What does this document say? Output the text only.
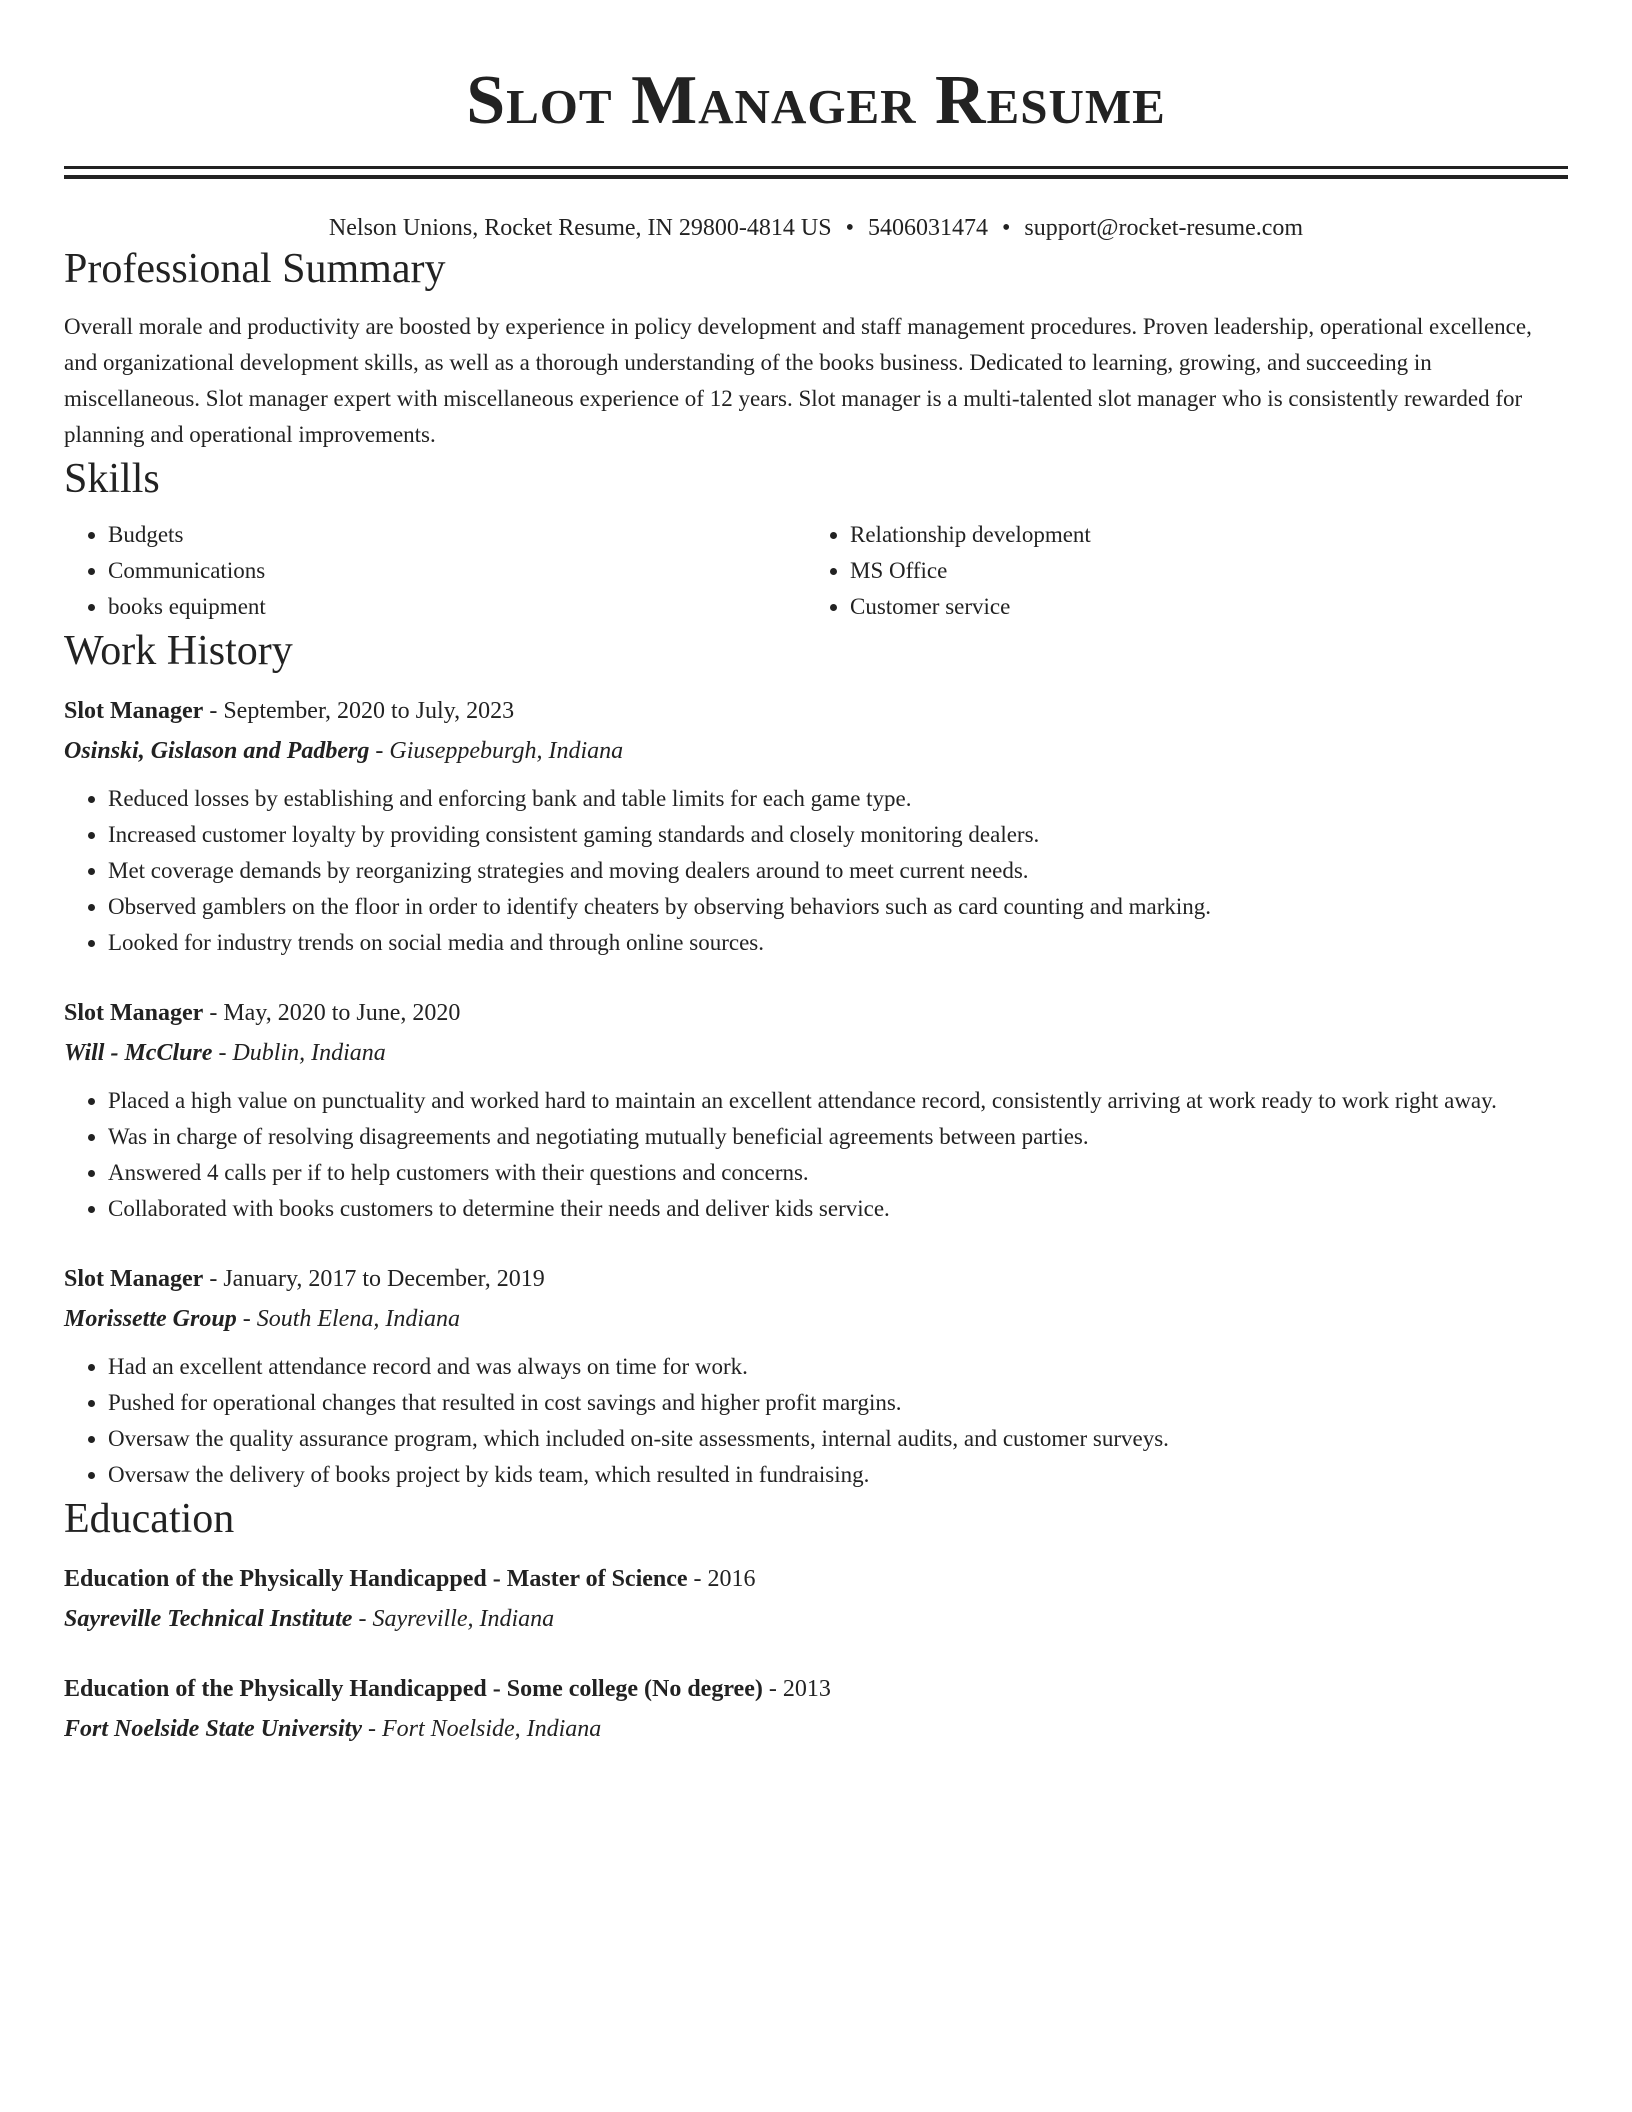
Slot Manager Resume
Nelson Unions, Rocket Resume, IN 29800-4814 US • 5406031474 • support@rocket-resume.com
Professional Summary
Overall morale and productivity are boosted by experience in policy development and staff management procedures. Proven leadership, operational excellence, and organizational development skills, as well as a thorough understanding of the books business. Dedicated to learning, growing, and succeeding in miscellaneous. Slot manager expert with miscellaneous experience of 12 years. Slot manager is a multi-talented slot manager who is consistently rewarded for planning and operational improvements.
Skills
• Budgets
• Communications
• books equipment
• Relationship development
• MS Office
• Customer service
Work History
Slot Manager - September, 2020 to July, 2023
Osinski, Gislason and Padberg - Giuseppeburgh, Indiana
• Reduced losses by establishing and enforcing bank and table limits for each game type.
• Increased customer loyalty by providing consistent gaming standards and closely monitoring dealers.
• Met coverage demands by reorganizing strategies and moving dealers around to meet current needs.
• Observed gamblers on the floor in order to identify cheaters by observing behaviors such as card counting and marking.
• Looked for industry trends on social media and through online sources.
Slot Manager - May, 2020 to June, 2020
Will - McClure - Dublin, Indiana
• Placed a high value on punctuality and worked hard to maintain an excellent attendance record, consistently arriving at work ready to work right away.
• Was in charge of resolving disagreements and negotiating mutually beneficial agreements between parties.
• Answered 4 calls per if to help customers with their questions and concerns.
• Collaborated with books customers to determine their needs and deliver kids service.
Slot Manager - January, 2017 to December, 2019
Morissette Group - South Elena, Indiana
• Had an excellent attendance record and was always on time for work.
• Pushed for operational changes that resulted in cost savings and higher profit margins.
• Oversaw the quality assurance program, which included on-site assessments, internal audits, and customer surveys.
• Oversaw the delivery of books project by kids team, which resulted in fundraising.
Education
Education of the Physically Handicapped - Master of Science - 2016
Sayreville Technical Institute - Sayreville, Indiana
Education of the Physically Handicapped - Some college (No degree) - 2013
Fort Noelside State University - Fort Noelside, Indiana
